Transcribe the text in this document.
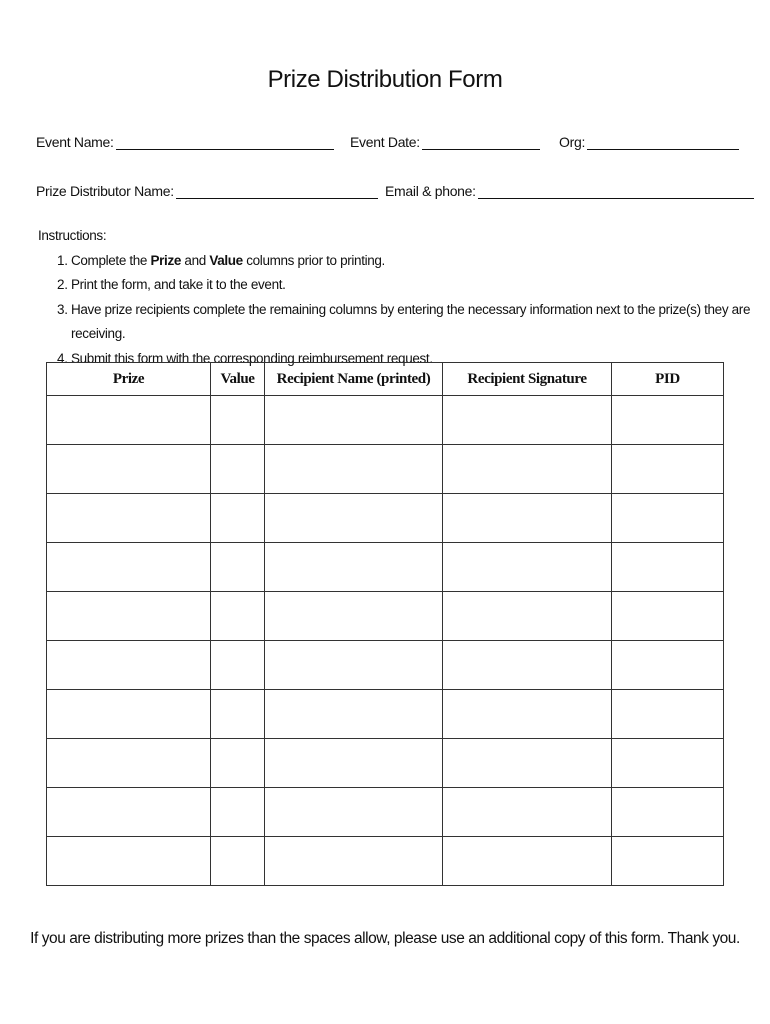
Prize Distribution Form
Event Name:	Event Date:	Org:
Prize Distributor Name:	Email & phone:
Instructions:
1. Complete the Prize and Value columns prior to printing.
2. Print the form, and take it to the event.
3. Have prize recipients complete the remaining columns by entering the necessary information next to the prize(s) they are receiving.
4. Submit this form with the corresponding reimbursement request.
Prize	Value	Recipient Name (printed)	Recipient Signature	PID

If you are distributing more prizes than the spaces allow, please use an additional copy of this form. Thank you.
